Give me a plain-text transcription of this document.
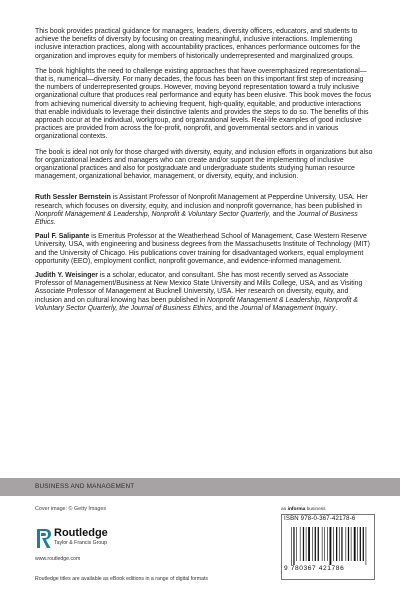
This book provides practical guidance for managers, leaders, diversity officers, educators, and students to achieve the benefits of diversity by focusing on creating meaningful, inclusive interactions. Implementing inclusive interaction practices, along with accountability practices, enhances performance outcomes for the organization and improves equity for members of historically underrepresented and marginalized groups.

The book highlights the need to challenge existing approaches that have overemphasized representational—that is, numerical—diversity. For many decades, the focus has been on this important first step of increasing the numbers of underrepresented groups. However, moving beyond representation toward a truly inclusive organizational culture that produces real performance and equity has been elusive. This book moves the focus from achieving numerical diversity to achieving frequent, high-quality, equitable, and productive interactions that enable individuals to leverage their distinctive talents and provides the steps to do so. The benefits of this approach occur at the individual, workgroup, and organizational levels. Real-life examples of good inclusive practices are provided from across the for-profit, nonprofit, and governmental sectors and in various organizational contexts.

The book is ideal not only for those charged with diversity, equity, and inclusion efforts in organizations but also for organizational leaders and managers who can create and/or support the implementing of inclusive organizational practices and also for postgraduate and undergraduate students studying human resource management, organizational behavior, management, or diversity, equity, and inclusion.

Ruth Sessler Bernstein is Assistant Professor of Nonprofit Management at Pepperdine University, USA. Her research, which focuses on diversity, equity, and inclusion and nonprofit governance, has been published in Nonprofit Management & Leadership, Nonprofit & Voluntary Sector Quarterly, and the Journal of Business Ethics.

Paul F. Salipante is Emeritus Professor at the Weatherhead School of Management, Case Western Reserve University, USA, with engineering and business degrees from the Massachusetts Institute of Technology (MIT) and the University of Chicago. His publications cover training for disadvantaged workers, equal employment opportunity (EEO), employment conflict, nonprofit governance, and evidence-informed management.

Judith Y. Weisinger is a scholar, educator, and consultant. She has most recently served as Associate Professor of Management/Business at New Mexico State University and Mills College, USA, and as Visiting Associate Professor of Management at Bucknell University, USA. Her research on diversity, equity, and inclusion and on cultural knowing has been published in Nonprofit Management & Leadership, Nonprofit & Voluntary Sector Quarterly, the Journal of Business Ethics, and the Journal of Management Inquiry.

BUSINESS AND MANAGEMENT
Cover image: © Getty Images
Routledge
Taylor & Francis Group
www.routledge.com
Routledge titles are available as eBook editions in a range of digital formats
an informa business
ISBN 978-0-367-42178-6
9 780367 421786
